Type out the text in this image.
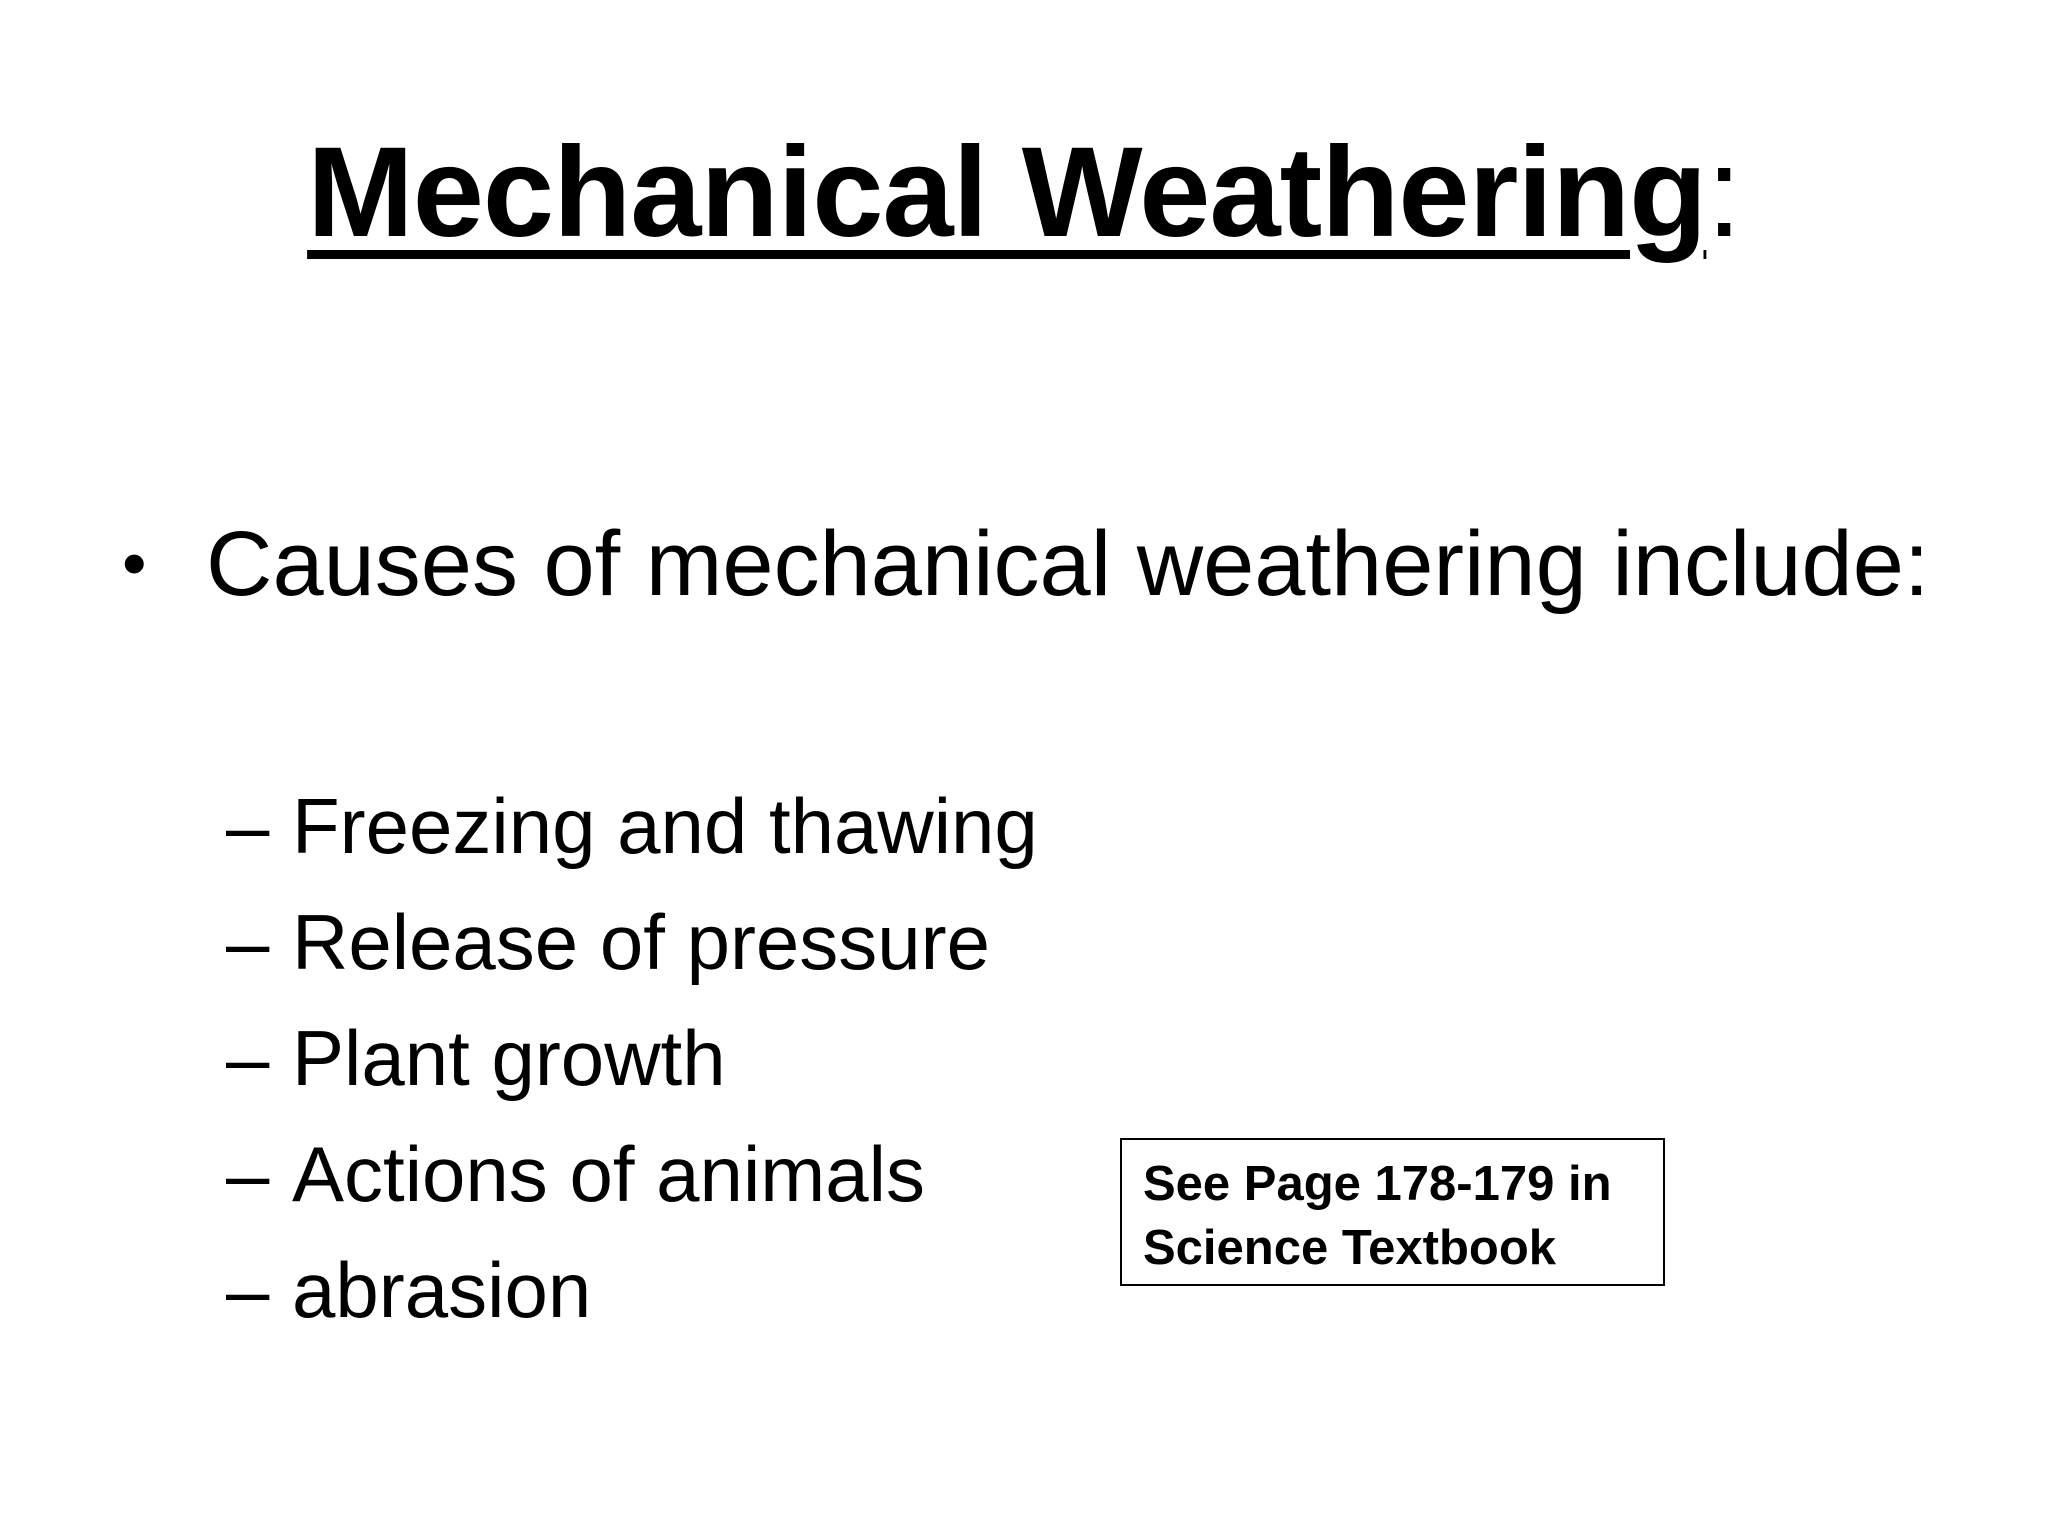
Mechanical Weathering:
• Causes of mechanical weathering include:
– Freezing and thawing
– Release of pressure
– Plant growth
– Actions of animals
– abrasion
See Page 178-179 in
Science Textbook
